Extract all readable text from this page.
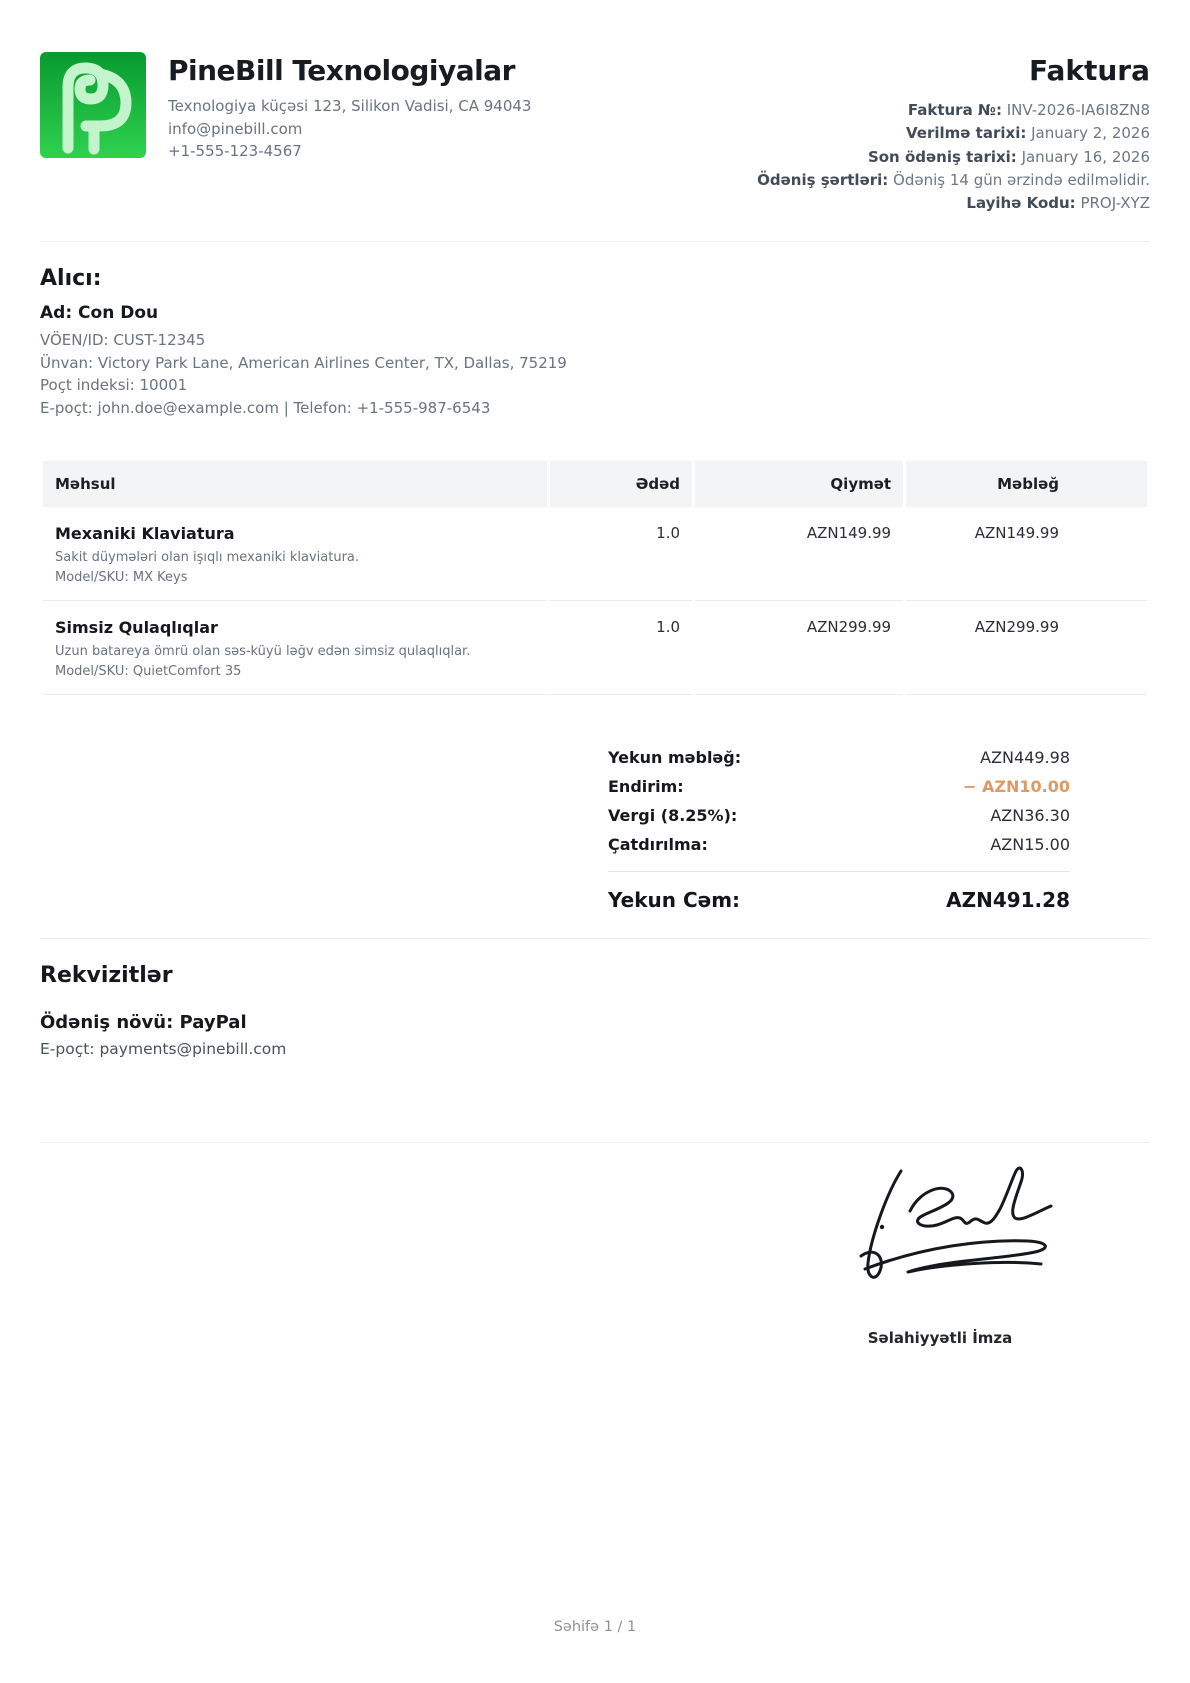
PineBill Texnologiyalar
Texnologiya küçəsi 123, Silikon Vadisi, CA 94043
info@pinebill.com
+1-555-123-4567
Faktura
Faktura №: INV-2026-IA6I8ZN8
Verilmə tarixi: January 2, 2026
Son ödəniş tarixi: January 16, 2026
Ödəniş şərtləri: Ödəniş 14 gün ərzində edilməlidir.
Layihə Kodu: PROJ-XYZ
Alıcı:
Ad: Con Dou
VÖEN/ID: CUST-12345
Ünvan: Victory Park Lane, American Airlines Center, TX, Dallas, 75219
Poçt indeksi: 10001
E-poçt: john.doe@example.com | Telefon: +1-555-987-6543
Məhsul	Ədəd	Qiymət	Məbləğ

Mexaniki Klaviatura
Sakit düymələri olan işıqlı mexaniki klaviatura.
Model/SKU: MX Keys	1.0	AZN149.99	AZN149.99

Simsiz Qulaqlıqlar
Uzun batareya ömrü olan səs-küyü ləğv edən simsiz qulaqlıqlar.
Model/SKU: QuietComfort 35	1.0	AZN299.99	AZN299.99
Yekun məbləğ:	AZN449.98
Endirim:	− AZN10.00
Vergi (8.25%):	AZN36.30
Çatdırılma:	AZN15.00
Yekun Cəm:	AZN491.28
Rekvizitlər
Ödəniş növü: PayPal
E-poçt: payments@pinebill.com
Səlahiyyətli İmza
Səhifə 1 / 1
